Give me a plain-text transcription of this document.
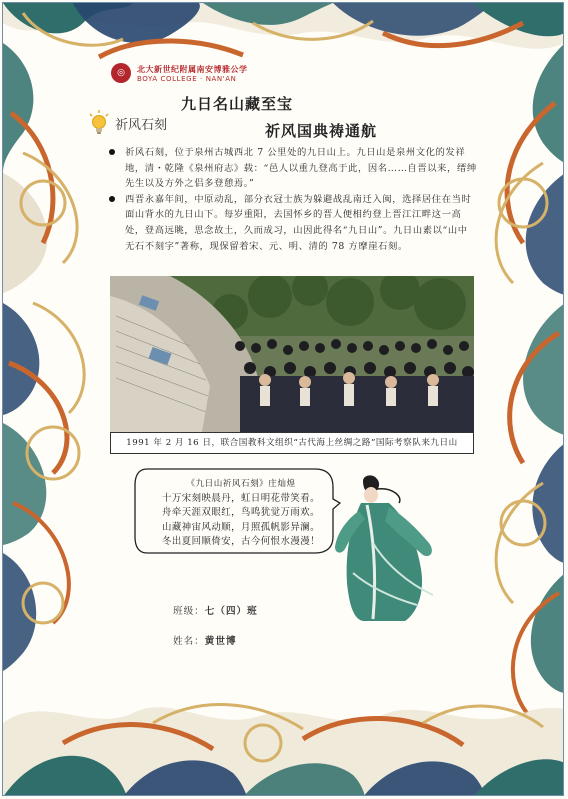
◎	北大新世纪附属南安博雅公学
BOYA COLLEGE · NAN'AN
九日名山藏至宝
祈风国典祷通航
祈风石刻
祈风石刻，位于泉州古城西北 7 公里处的九日山上。九日山是泉州文化的发祥地，清・乾隆《泉州府志》载：“邑人以重九登高于此，因名……自晋以来，缙绅先生以及方外之侣多登憩焉。”
西晋永嘉年间，中原动乱，部分衣冠士族为躲避战乱南迁入闽，选择居住在当时面山背水的九日山下。每岁重阳，去国怀乡的晋人便相约登上晋江江畔这一高处，登高远眺，思念故土，久而成习，山因此得名“九日山”。九日山素以“山中无石不刻字”著称，现保留着宋、元、明、清的 78 方摩崖石刻。
1991 年 2 月 16 日，联合国教科文组织“古代海上丝绸之路”国际考察队来九日山
《九日山祈风石刻》庄灿煌
十万宋刻映晨丹，虹日明花带笑看。
舟牵天涯双眼红，鸟鸣犹觉万雨欢。
山藏神宙风动顺，月照孤帆影异澜。
冬出夏回顺倚安，古今何恨水漫漫！
班级：七（四）班
姓名：黄世博
